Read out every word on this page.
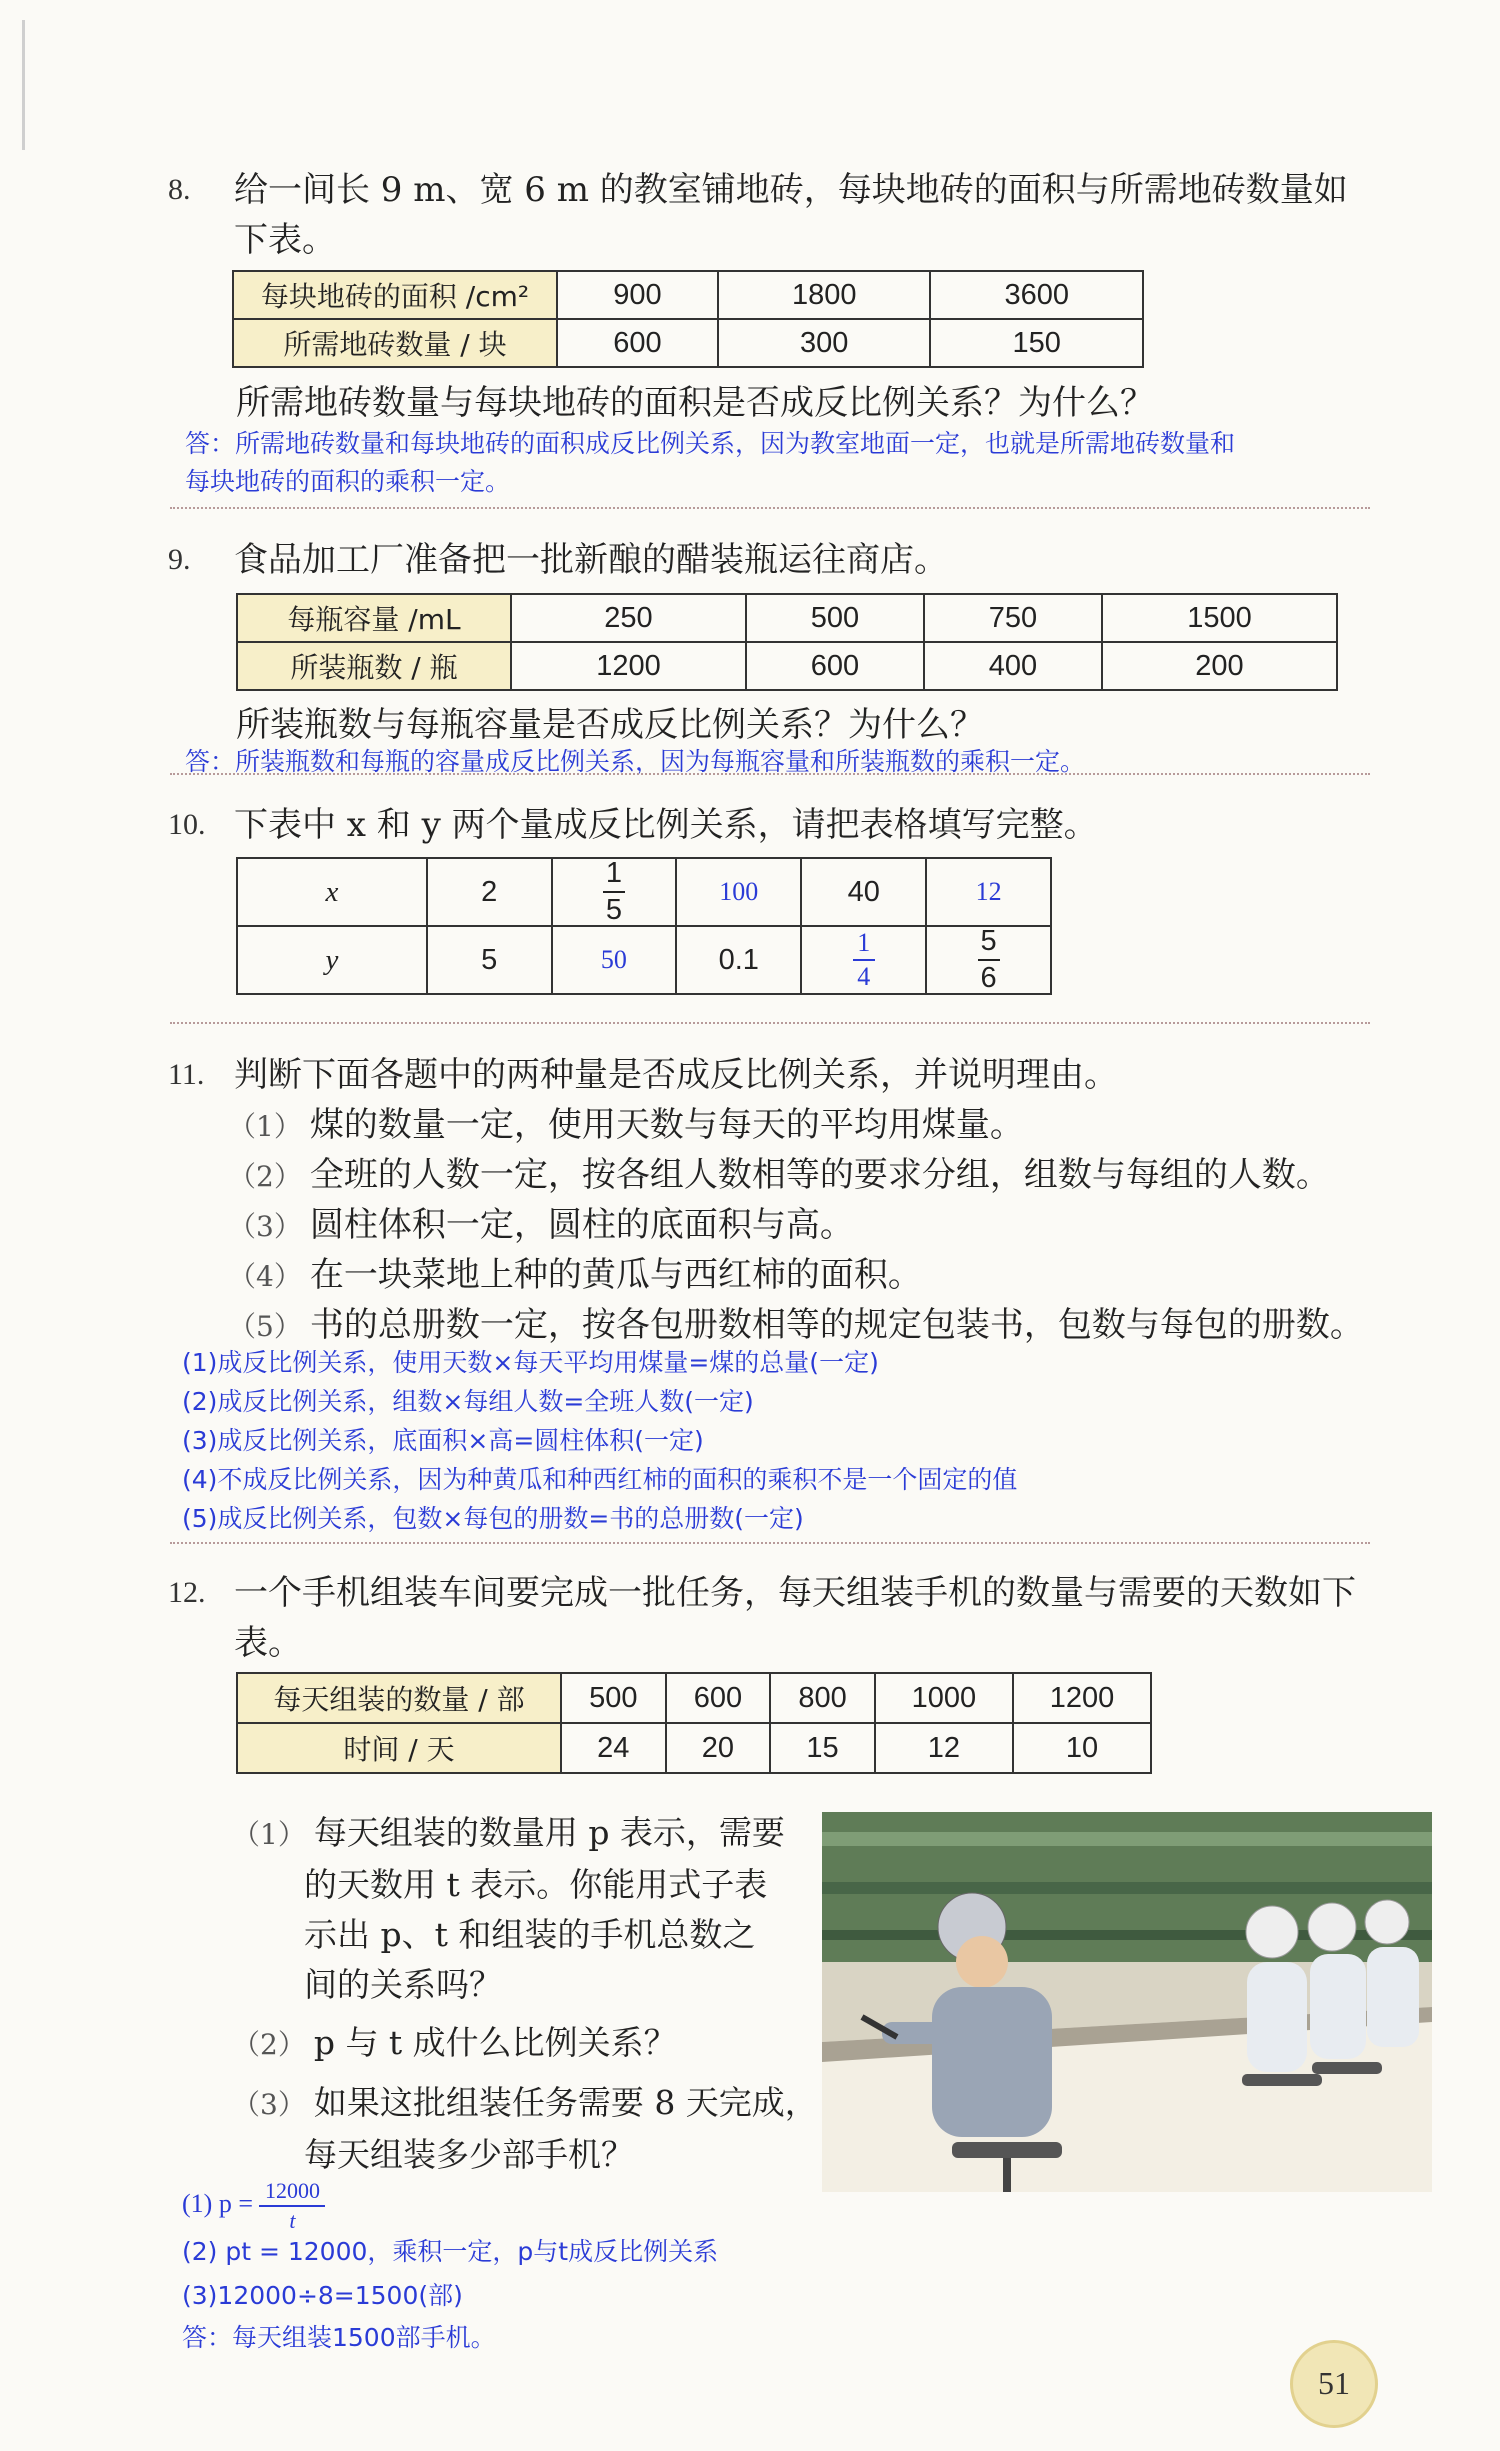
8. 给一间长 9 m、宽 6 m 的教室铺地砖，每块地砖的面积与所需地砖数量如下表。
每块地砖的面积 /cm²	900	1800	3600
所需地砖数量 / 块	600	300	150
所需地砖数量与每块地砖的面积是否成反比例关系？为什么？
答：所需地砖数量和每块地砖的面积成反比例关系，因为教室地面一定，也就是所需地砖数量和
每块地砖的面积的乘积一定。
9. 食品加工厂准备把一批新酿的醋装瓶运往商店。
每瓶容量 /mL	250	500	750	1500
所装瓶数 / 瓶	1200	600	400	200
所装瓶数与每瓶容量是否成反比例关系？为什么？
答：所装瓶数和每瓶的容量成反比例关系，因为每瓶容量和所装瓶数的乘积一定。
10. 下表中 x 和 y 两个量成反比例关系，请把表格填写完整。
x	2	$\frac{1}{5}$	100	40	12
y	5	50	0.1	$\frac{1}{4}$	$\frac{5}{6}$
11. 判断下面各题中的两种量是否成反比例关系，并说明理由。
（1） 煤的数量一定，使用天数与每天的平均用煤量。
（2） 全班的人数一定，按各组人数相等的要求分组，组数与每组的人数。
（3） 圆柱体积一定，圆柱的底面积与高。
（4） 在一块菜地上种的黄瓜与西红柿的面积。
（5） 书的总册数一定，按各包册数相等的规定包装书，包数与每包的册数。
(1)成反比例关系，使用天数×每天平均用煤量=煤的总量(一定)
(2)成反比例关系，组数×每组人数=全班人数(一定)
(3)成反比例关系，底面积×高=圆柱体积(一定)
(4)不成反比例关系，因为种黄瓜和种西红柿的面积的乘积不是一个固定的值
(5)成反比例关系，包数×每包的册数=书的总册数(一定)
12. 一个手机组装车间要完成一批任务，每天组装手机的数量与需要的天数如下表。
每天组装的数量 / 部	500	600	800	1000	1200
时间 / 天	24	20	15	12	10
（1） 每天组装的数量用 p 表示，需要
的天数用 t 表示。你能用式子表
示出 p、t 和组装的手机总数之
间的关系吗？
（2） p 与 t 成什么比例关系？
（3） 如果这批组装任务需要 8 天完成，
每天组装多少部手机？
(1) $p = \frac{12000}{t}$
(2) pt = 12000，乘积一定，p与t成反比例关系
(3)12000÷8=1500(部)
答：每天组装1500部手机。
51
